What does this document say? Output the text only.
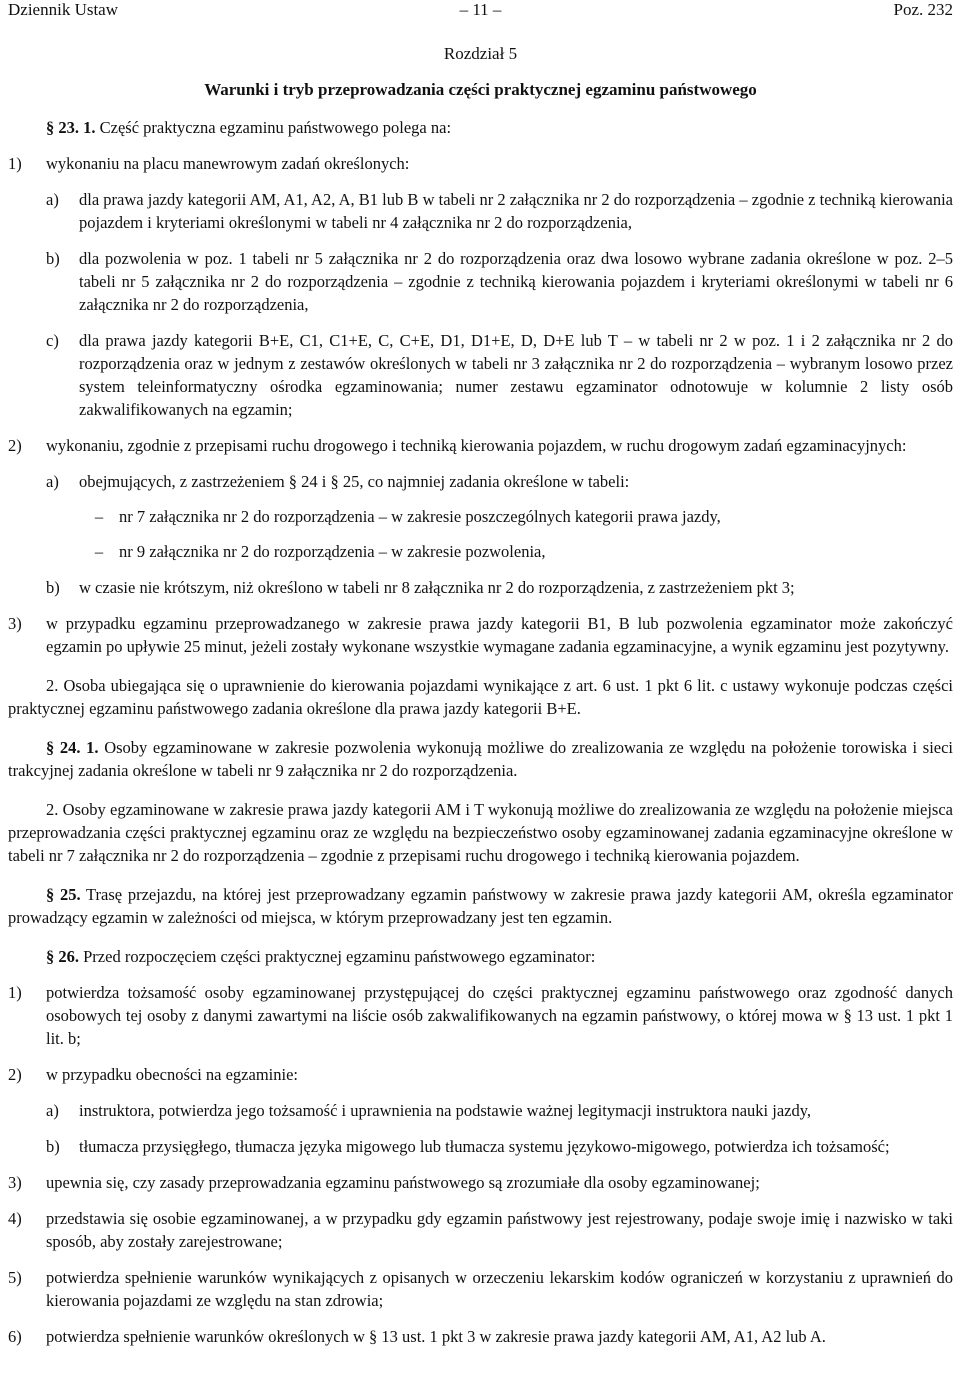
Dziennik Ustaw	– 11 –	Poz. 232
Rozdział 5
Warunki i tryb przeprowadzania części praktycznej egzaminu państwowego

§ 23. 1. Część praktyczna egzaminu państwowego polega na:

1)	wykonaniu na placu manewrowym zadań określonych:

a)	dla prawa jazdy kategorii AM, A1, A2, A, B1 lub B w tabeli nr 2 załącznika nr 2 do rozporządzenia – zgodnie z techniką kierowania pojazdem i kryteriami określonymi w tabeli nr 4 załącznika nr 2 do rozporządzenia,

b)	dla pozwolenia w poz. 1 tabeli nr 5 załącznika nr 2 do rozporządzenia oraz dwa losowo wybrane zadania określone w poz. 2–5 tabeli nr 5 załącznika nr 2 do rozporządzenia – zgodnie z techniką kierowania pojazdem i kryteriami określonymi w tabeli nr 6 załącznika nr 2 do rozporządzenia,

c)	dla prawa jazdy kategorii B+E, C1, C1+E, C, C+E, D1, D1+E, D, D+E lub T – w tabeli nr 2 w poz. 1 i 2 załącznika nr 2 do rozporządzenia oraz w jednym z zestawów określonych w tabeli nr 3 załącznika nr 2 do rozporządzenia – wybranym losowo przez system teleinformatyczny ośrodka egzaminowania; numer zestawu egzaminator odnotowuje w kolumnie 2 listy osób zakwalifikowanych na egzamin;

2)	wykonaniu, zgodnie z przepisami ruchu drogowego i techniką kierowania pojazdem, w ruchu drogowym zadań egzaminacyjnych:

a)	obejmujących, z zastrzeżeniem § 24 i § 25, co najmniej zadania określone w tabeli:

– nr 7 załącznika nr 2 do rozporządzenia – w zakresie poszczególnych kategorii prawa jazdy,

– nr 9 załącznika nr 2 do rozporządzenia – w zakresie pozwolenia,

b)	w czasie nie krótszym, niż określono w tabeli nr 8 załącznika nr 2 do rozporządzenia, z zastrzeżeniem pkt 3;

3)	w przypadku egzaminu przeprowadzanego w zakresie prawa jazdy kategorii B1, B lub pozwolenia egzaminator może zakończyć egzamin po upływie 25 minut, jeżeli zostały wykonane wszystkie wymagane zadania egzaminacyjne, a wynik egzaminu jest pozytywny.

2. Osoba ubiegająca się o uprawnienie do kierowania pojazdami wynikające z art. 6 ust. 1 pkt 6 lit. c ustawy wykonuje podczas części praktycznej egzaminu państwowego zadania określone dla prawa jazdy kategorii B+E.

§ 24. 1. Osoby egzaminowane w zakresie pozwolenia wykonują możliwe do zrealizowania ze względu na położenie torowiska i sieci trakcyjnej zadania określone w tabeli nr 9 załącznika nr 2 do rozporządzenia.

2. Osoby egzaminowane w zakresie prawa jazdy kategorii AM i T wykonują możliwe do zrealizowania ze względu na położenie miejsca przeprowadzania części praktycznej egzaminu oraz ze względu na bezpieczeństwo osoby egzaminowanej zadania egzaminacyjne określone w tabeli nr 7 załącznika nr 2 do rozporządzenia – zgodnie z przepisami ruchu drogowego i techniką kierowania pojazdem.

§ 25. Trasę przejazdu, na której jest przeprowadzany egzamin państwowy w zakresie prawa jazdy kategorii AM, określa egzaminator prowadzący egzamin w zależności od miejsca, w którym przeprowadzany jest ten egzamin.

§ 26. Przed rozpoczęciem części praktycznej egzaminu państwowego egzaminator:

1)	potwierdza tożsamość osoby egzaminowanej przystępującej do części praktycznej egzaminu państwowego oraz zgodność danych osobowych tej osoby z danymi zawartymi na liście osób zakwalifikowanych na egzamin państwowy, o której mowa w § 13 ust. 1 pkt 1 lit. b;

2)	w przypadku obecności na egzaminie:

a)	instruktora, potwierdza jego tożsamość i uprawnienia na podstawie ważnej legitymacji instruktora nauki jazdy,

b)	tłumacza przysięgłego, tłumacza języka migowego lub tłumacza systemu językowo-migowego, potwierdza ich tożsamość;

3)	upewnia się, czy zasady przeprowadzania egzaminu państwowego są zrozumiałe dla osoby egzaminowanej;

4)	przedstawia się osobie egzaminowanej, a w przypadku gdy egzamin państwowy jest rejestrowany, podaje swoje imię i nazwisko w taki sposób, aby zostały zarejestrowane;

5)	potwierdza spełnienie warunków wynikających z opisanych w orzeczeniu lekarskim kodów ograniczeń w korzystaniu z uprawnień do kierowania pojazdami ze względu na stan zdrowia;

6)	potwierdza spełnienie warunków określonych w § 13 ust. 1 pkt 3 w zakresie prawa jazdy kategorii AM, A1, A2 lub A.
